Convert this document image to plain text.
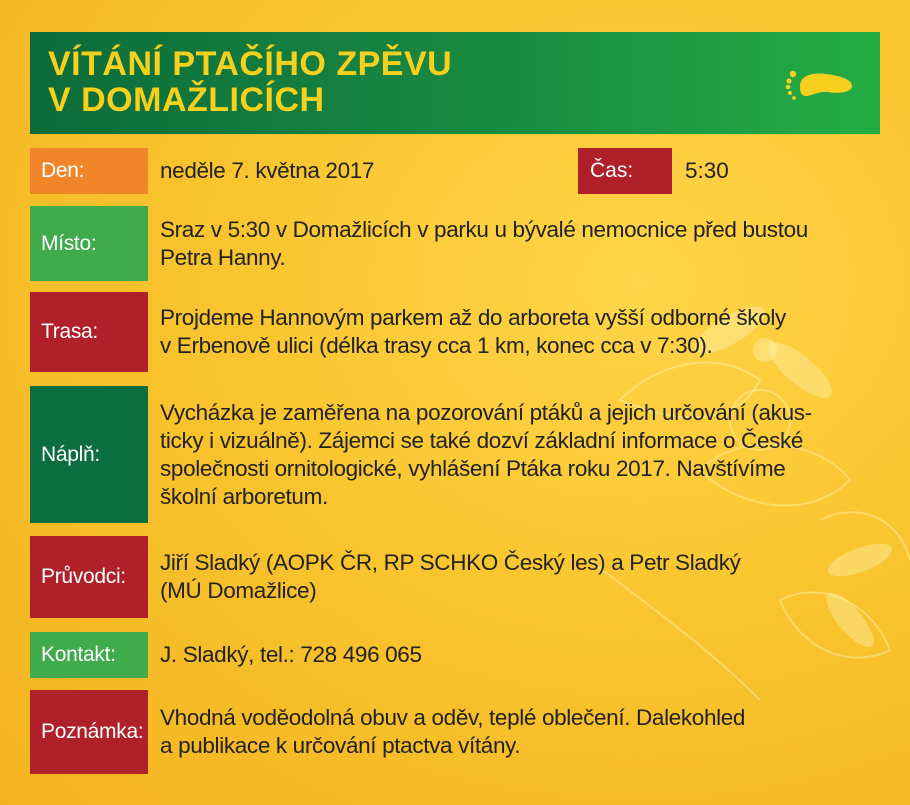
VÍTÁNÍ PTAČÍHO ZPĚVU
V DOMAŽLICÍCH
Den:	neděle 7. května 2017	Čas:	5:30
Místo:
Sraz v 5:30 v Domažlicích v parku u bývalé nemocnice před bustou
Petra Hanny.
Trasa:
Projdeme Hannovým parkem až do arboreta vyšší odborné školy
v Erbenově ulici (délka trasy cca 1 km, konec cca v 7:30).
Náplň:
Vycházka je zaměřena na pozorování ptáků a jejich určování (akus-
ticky i vizuálně). Zájemci se také dozví základní informace o České
společnosti ornitologické, vyhlášení Ptáka roku 2017. Navštívíme
školní arboretum.
Průvodci:
Jiří Sladký (AOPK ČR, RP SCHKO Český les) a Petr Sladký
(MÚ Domažlice)
Kontakt:	J. Sladký, tel.: 728 496 065
Poznámka:
Vhodná voděodolná obuv a oděv, teplé oblečení. Dalekohled
a publikace k určování ptactva vítány.
